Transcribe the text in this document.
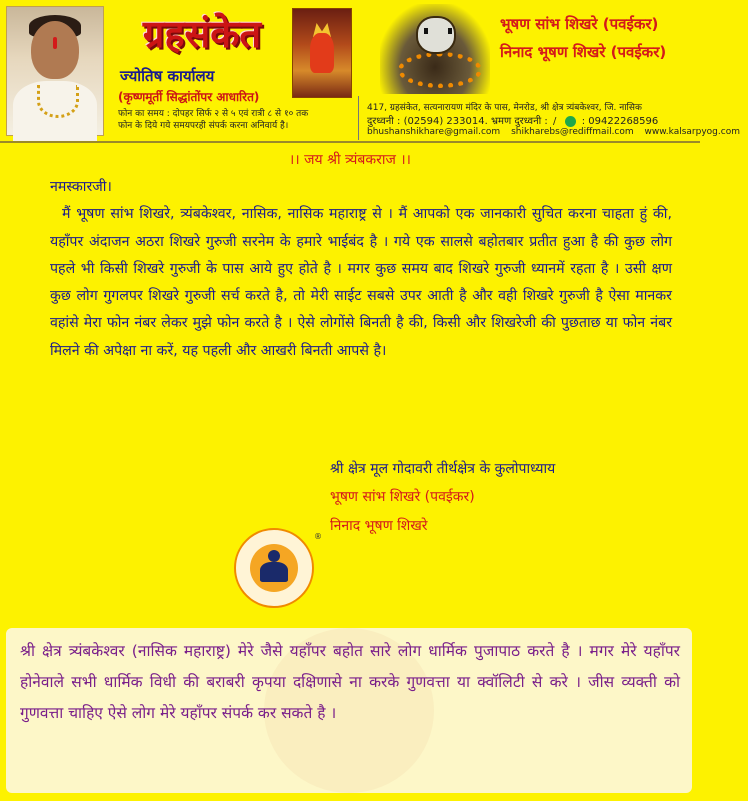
ग्रहसंकेत
ज्योतिष कार्यालय
(कृष्णमूर्ती सिद्धांतोंपर आधारित)
फोन का समय : दोपहर सिर्फ २ से ५ एवं रात्री ८ से १० तक
फोन के दिये गये समयपरही संपर्क करना अनिवार्य है।
भूषण सांभ शिखरे (पवईकर)
निनाद भूषण शिखरे (पवईकर)
417, ग्रहसंकेत, सत्यनारायण मंदिर के पास, मेनरोड, श्री क्षेत्र त्र्यंबकेश्वर, जि. नासिक
दुरध्वनी : (02594) 233014. भ्रमण दुरध्वनी : /	: 09422268596
bhushanshikhare@gmail.com shikharebs@rediffmail.com www.kalsarpyog.com
।। जय श्री त्र्यंबकराज ।।

नमस्कारजी।

मैं भूषण सांभ शिखरे, त्र्यंबकेश्वर, नासिक, नासिक महाराष्ट्र से । मैं आपको एक जानकारी सुचित करना चाहता हुं की, यहाँपर अंदाजन अठरा शिखरे गुरुजी सरनेम के हमारे भाईबंद है । गये एक सालसे बहोतबार प्रतीत हुआ है की कुछ लोग पहले भी किसी शिखरे गुरुजी के पास आये हुए होते है । मगर कुछ समय बाद शिखरे गुरुजी ध्यानमें रहता है । उसी क्षण कुछ लोग गुगलपर शिखरे गुरुजी सर्च करते है, तो मेरी साईट सबसे उपर आती है और वही शिखरे गुरुजी है ऐसा मानकर वहांसे मेरा फोन नंबर लेकर मुझे फोन करते है । ऐसे लोगोंसे बिनती है की, किसी और शिखरेजी की पुछताछ या फोन नंबर मिलने की अपेक्षा ना करें, यह पहली और आखरी बिनती आपसे है।

श्री क्षेत्र मूल गोदावरी तीर्थक्षेत्र के कुलोपाध्याय
भूषण सांभ शिखरे (पवईकर)
निनाद भूषण शिखरे
®
श्री क्षेत्र त्र्यंबकेश्वर (नासिक महाराष्ट्र) मेरे जैसे यहाँपर बहोत सारे लोग धार्मिक पुजापाठ करते है । मगर मेरे यहाँपर होनेवाले सभी धार्मिक विधी की बराबरी कृपया दक्षिणासे ना करके गुणवत्ता या क्वॉलिटी से करे । जीस व्यक्ती को गुणवत्ता चाहिए ऐसे लोग मेरे यहाँपर संपर्क कर सकते है ।
